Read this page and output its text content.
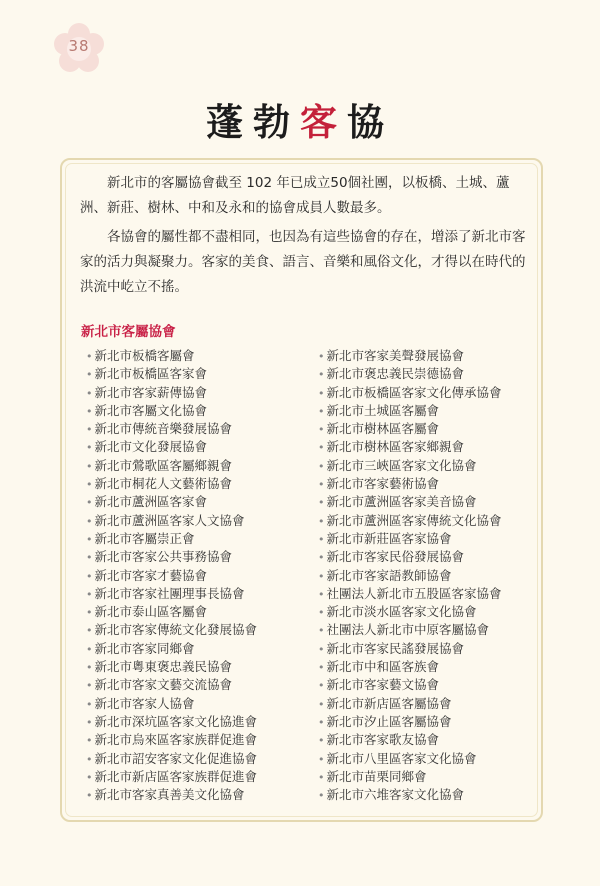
38
蓬勃客協

新北市的客屬協會截至 102 年已成立50個社團，以板橋、土城、蘆洲、新莊、樹林、中和及永和的協會成員人數最多。

各協會的屬性都不盡相同，也因為有這些協會的存在，增添了新北市客家的活力與凝聚力。客家的美食、語言、音樂和風俗文化，才得以在時代的洪流中屹立不搖。

新北市客屬協會
• 新北市板橋客屬會
• 新北市板橋區客家會
• 新北市客家薪傳協會
• 新北市客屬文化協會
• 新北市傳統音樂發展協會
• 新北市文化發展協會
• 新北市鶯歌區客屬鄉親會
• 新北市桐花人文藝術協會
• 新北市蘆洲區客家會
• 新北市蘆洲區客家人文協會
• 新北市客屬崇正會
• 新北市客家公共事務協會
• 新北市客家才藝協會
• 新北市客家社團理事長協會
• 新北市泰山區客屬會
• 新北市客家傳統文化發展協會
• 新北市客家同鄉會
• 新北市粵東褒忠義民協會
• 新北市客家文藝交流協會
• 新北市客家人協會
• 新北市深坑區客家文化協進會
• 新北市烏來區客家族群促進會
• 新北市詔安客家文化促進協會
• 新北市新店區客家族群促進會
• 新北市客家真善美文化協會
• 新北市客家美聲發展協會
• 新北市褒忠義民崇德協會
• 新北市板橋區客家文化傳承協會
• 新北市土城區客屬會
• 新北市樹林區客屬會
• 新北市樹林區客家鄉親會
• 新北市三峽區客家文化協會
• 新北市客家藝術協會
• 新北市蘆洲區客家美音協會
• 新北市蘆洲區客家傳統文化協會
• 新北市新莊區客家協會
• 新北市客家民俗發展協會
• 新北市客家語教師協會
• 社團法人新北市五股區客家協會
• 新北市淡水區客家文化協會
• 社團法人新北市中原客屬協會
• 新北市客家民謠發展協會
• 新北市中和區客族會
• 新北市客家藝文協會
• 新北市新店區客屬協會
• 新北市汐止區客屬協會
• 新北市客家歌友協會
• 新北市八里區客家文化協會
• 新北市苗栗同鄉會
• 新北市六堆客家文化協會
